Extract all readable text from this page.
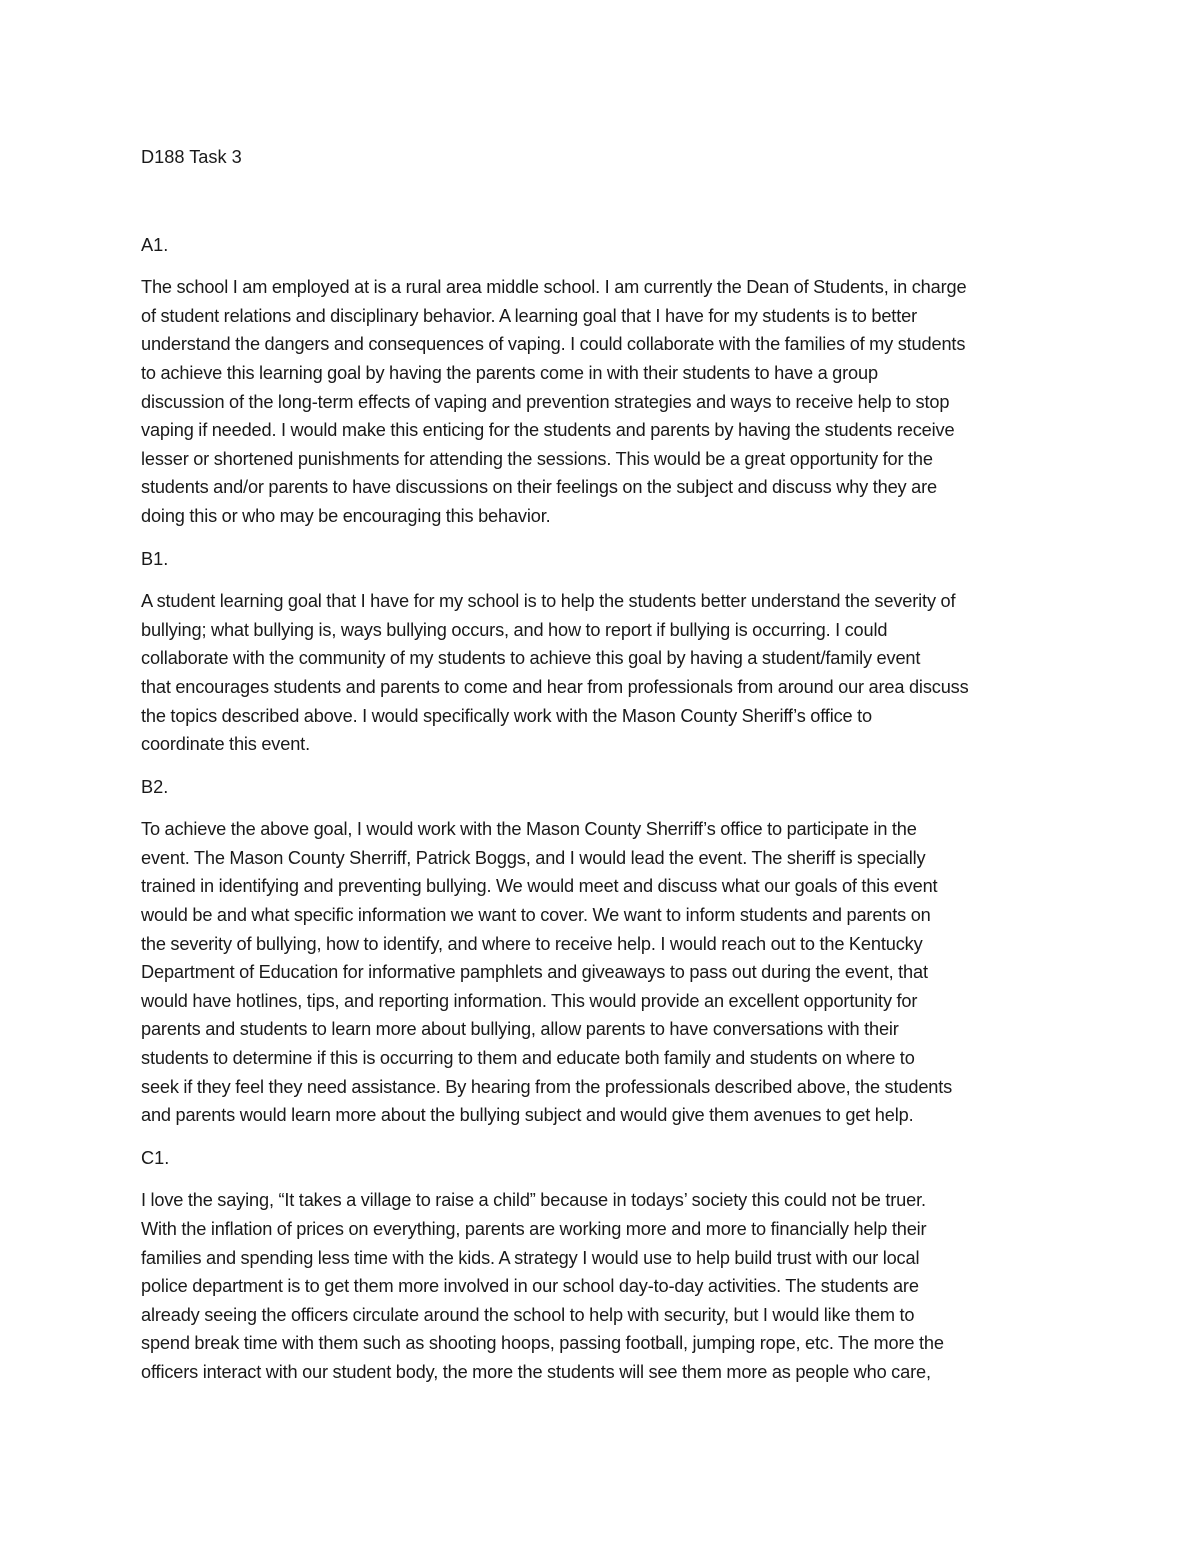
D188 Task 3
A1.
The school I am employed at is a rural area middle school. I am currently the Dean of Students, in charge
of student relations and disciplinary behavior. A learning goal that I have for my students is to better
understand the dangers and consequences of vaping. I could collaborate with the families of my students
to achieve this learning goal by having the parents come in with their students to have a group
discussion of the long-term effects of vaping and prevention strategies and ways to receive help to stop
vaping if needed. I would make this enticing for the students and parents by having the students receive
lesser or shortened punishments for attending the sessions. This would be a great opportunity for the
students and/or parents to have discussions on their feelings on the subject and discuss why they are
doing this or who may be encouraging this behavior.
B1.
A student learning goal that I have for my school is to help the students better understand the severity of
bullying; what bullying is, ways bullying occurs, and how to report if bullying is occurring. I could
collaborate with the community of my students to achieve this goal by having a student/family event
that encourages students and parents to come and hear from professionals from around our area discuss
the topics described above. I would specifically work with the Mason County Sheriff’s office to
coordinate this event.
B2.
To achieve the above goal, I would work with the Mason County Sherriff’s office to participate in the
event. The Mason County Sherriff, Patrick Boggs, and I would lead the event. The sheriff is specially
trained in identifying and preventing bullying. We would meet and discuss what our goals of this event
would be and what specific information we want to cover. We want to inform students and parents on
the severity of bullying, how to identify, and where to receive help. I would reach out to the Kentucky
Department of Education for informative pamphlets and giveaways to pass out during the event, that
would have hotlines, tips, and reporting information. This would provide an excellent opportunity for
parents and students to learn more about bullying, allow parents to have conversations with their
students to determine if this is occurring to them and educate both family and students on where to
seek if they feel they need assistance. By hearing from the professionals described above, the students
and parents would learn more about the bullying subject and would give them avenues to get help.
C1.
I love the saying, “It takes a village to raise a child” because in todays’ society this could not be truer.
With the inflation of prices on everything, parents are working more and more to financially help their
families and spending less time with the kids. A strategy I would use to help build trust with our local
police department is to get them more involved in our school day-to-day activities. The students are
already seeing the officers circulate around the school to help with security, but I would like them to
spend break time with them such as shooting hoops, passing football, jumping rope, etc. The more the
officers interact with our student body, the more the students will see them more as people who care,
